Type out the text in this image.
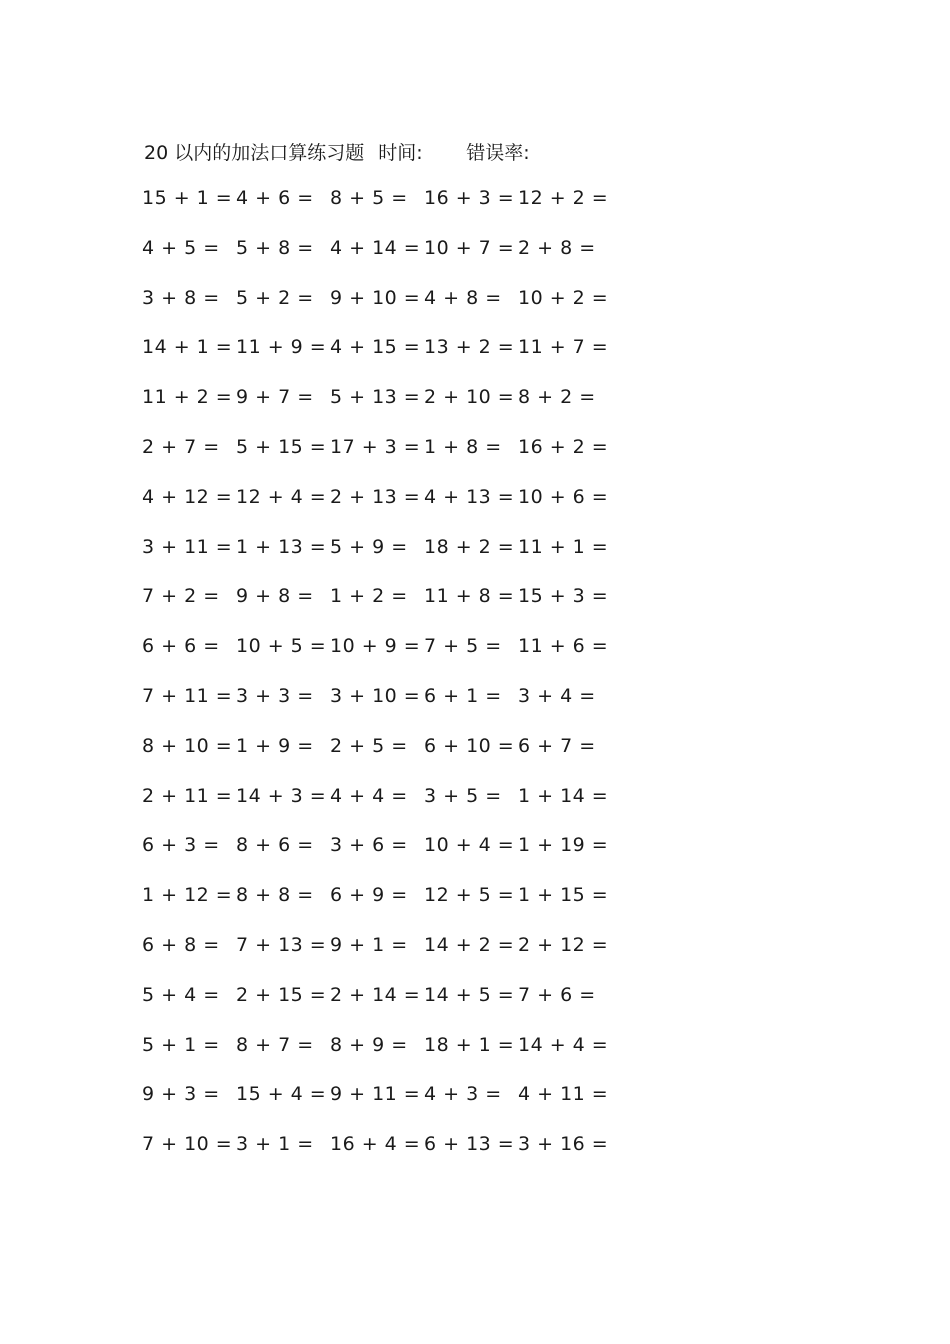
20 以内的加法口算练习题 时间:	错误率:
15 + 1 = 4 + 6 = 8 + 5 = 16 + 3 = 12 + 2 =
4 + 5 = 5 + 8 = 4 + 14 = 10 + 7 = 2 + 8 =
3 + 8 = 5 + 2 = 9 + 10 = 4 + 8 = 10 + 2 =
14 + 1 = 11 + 9 = 4 + 15 = 13 + 2 = 11 + 7 =
11 + 2 = 9 + 7 = 5 + 13 = 2 + 10 = 8 + 2 =
2 + 7 = 5 + 15 = 17 + 3 = 1 + 8 = 16 + 2 =
4 + 12 = 12 + 4 = 2 + 13 = 4 + 13 = 10 + 6 =
3 + 11 = 1 + 13 = 5 + 9 = 18 + 2 = 11 + 1 =
7 + 2 = 9 + 8 = 1 + 2 = 11 + 8 = 15 + 3 =
6 + 6 = 10 + 5 = 10 + 9 = 7 + 5 = 11 + 6 =
7 + 11 = 3 + 3 = 3 + 10 = 6 + 1 = 3 + 4 =
8 + 10 = 1 + 9 = 2 + 5 = 6 + 10 = 6 + 7 =
2 + 11 = 14 + 3 = 4 + 4 = 3 + 5 = 1 + 14 =
6 + 3 = 8 + 6 = 3 + 6 = 10 + 4 = 1 + 19 =
1 + 12 = 8 + 8 = 6 + 9 = 12 + 5 = 1 + 15 =
6 + 8 = 7 + 13 = 9 + 1 = 14 + 2 = 2 + 12 =
5 + 4 = 2 + 15 = 2 + 14 = 14 + 5 = 7 + 6 =
5 + 1 = 8 + 7 = 8 + 9 = 18 + 1 = 14 + 4 =
9 + 3 = 15 + 4 = 9 + 11 = 4 + 3 = 4 + 11 =
7 + 10 = 3 + 1 = 16 + 4 = 6 + 13 = 3 + 16 =
